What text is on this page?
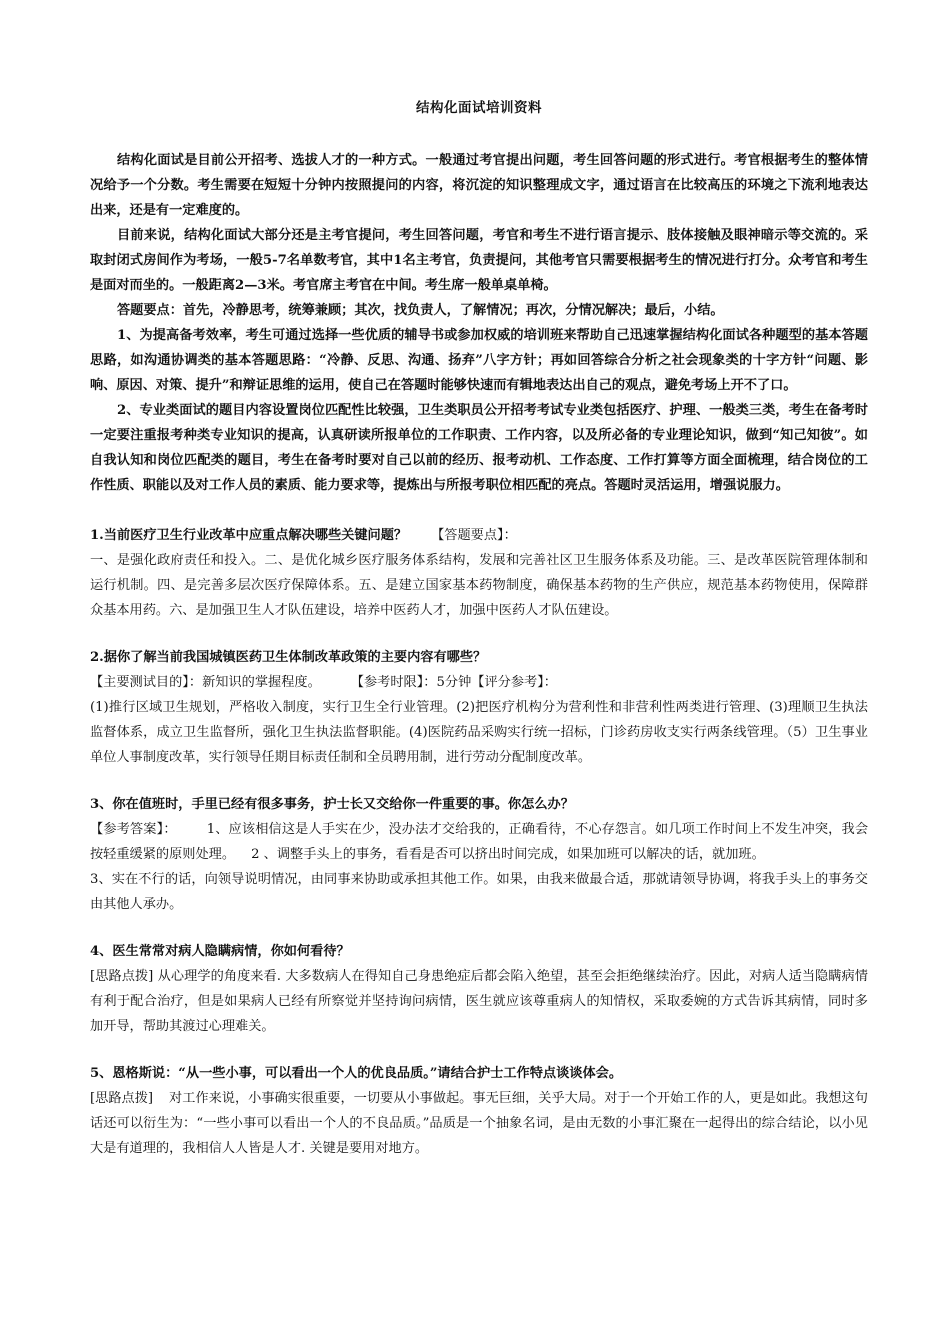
结构化面试培训资料

结构化面试是目前公开招考、选拔人才的一种方式。一般通过考官提出问题，考生回答问题的形式进行。考官根据考生的整体情况给予一个分数。考生需要在短短十分钟内按照提问的内容，将沉淀的知识整理成文字，通过语言在比较高压的环境之下流利地表达出来，还是有一定难度的。

目前来说，结构化面试大部分还是主考官提问，考生回答问题，考官和考生不进行语言提示、肢体接触及眼神暗示等交流的。采取封闭式房间作为考场，一般5-7名单数考官，其中1名主考官，负责提问，其他考官只需要根据考生的情况进行打分。众考官和考生是面对而坐的。一般距离2—3米。考官席主考官在中间。考生席一般单桌单椅。

答题要点：首先，冷静思考，统筹兼顾；其次，找负责人，了解情况；再次，分情况解决；最后，小结。

1、为提高备考效率，考生可通过选择一些优质的辅导书或参加权威的培训班来帮助自己迅速掌握结构化面试各种题型的基本答题思路，如沟通协调类的基本答题思路：“冷静、反思、沟通、扬弃”八字方针；再如回答综合分析之社会现象类的十字方针“问题、影响、原因、对策、提升”和辩证思维的运用，使自己在答题时能够快速而有辑地表达出自己的观点，避免考场上开不了口。

2、专业类面试的题目内容设置岗位匹配性比较强，卫生类职员公开招考考试专业类包括医疗、护理、一般类三类，考生在备考时一定要注重报考种类专业知识的提高，认真研读所报单位的工作职责、工作内容，以及所必备的专业理论知识，做到“知己知彼”。如自我认知和岗位匹配类的题目，考生在备考时要对自己以前的经历、报考动机、工作态度、工作打算等方面全面梳理，结合岗位的工作性质、职能以及对工作人员的素质、能力要求等，提炼出与所报考职位相匹配的亮点。答题时灵活运用，增强说服力。

1.当前医疗卫生行业改革中应重点解决哪些关键问题？ 【答题要点】：

一、是强化政府责任和投入。二、是优化城乡医疗服务体系结构，发展和完善社区卫生服务体系及功能。三、是改革医院管理体制和运行机制。四、是完善多层次医疗保障体系。五、是建立国家基本药物制度，确保基本药物的生产供应，规范基本药物使用，保障群众基本用药。六、是加强卫生人才队伍建设，培养中医药人才，加强中医药人才队伍建设。

2.据你了解当前我国城镇医药卫生体制改革政策的主要内容有哪些？

【主要测试目的】：新知识的掌握程度。 【参考时限】：5分钟【评分参考】：

(1)推行区域卫生规划，严格收入制度，实行卫生全行业管理。(2)把医疗机构分为营利性和非营利性两类进行管理、(3)理顺卫生执法监督体系，成立卫生监督所，强化卫生执法监督职能。(4)医院药品采购实行统一招标，门诊药房收支实行两条线管理。（5）卫生事业单位人事制度改革，实行领导任期目标责任制和全员聘用制，进行劳动分配制度改革。

3、你在值班时，手里已经有很多事务，护士长又交给你一件重要的事。你怎么办？

【参考答案】： 1、应该相信这是人手实在少，没办法才交给我的，正确看待，不心存怨言。如几项工作时间上不发生冲突，我会按轻重缓紧的原则处理。 2 、调整手头上的事务，看看是否可以挤出时间完成，如果加班可以解决的话，就加班。

3、实在不行的话，向领导说明情况，由同事来协助或承担其他工作。如果，由我来做最合适，那就请领导协调，将我手头上的事务交由其他人承办。

4、医生常常对病人隐瞒病情，你如何看待？

[思路点拨] 从心理学的角度来看. 大多数病人在得知自己身患绝症后都会陷入绝望，甚至会拒绝继续治疗。因此，对病人适当隐瞒病情有利于配合治疗，但是如果病人已经有所察觉并坚持询问病情，医生就应该尊重病人的知情权，采取委婉的方式告诉其病情，同时多加开导，帮助其渡过心理难关。

5、恩格斯说：“从一些小事，可以看出一个人的优良品质。”请结合护士工作特点谈谈体会。

[思路点拨] 对工作来说，小事确实很重要，一切要从小事做起。事无巨细，关乎大局。对于一个开始工作的人，更是如此。我想这句话还可以衍生为：“一些小事可以看出一个人的不良品质。”品质是一个抽象名词，是由无数的小事汇聚在一起得出的综合结论，以小见大是有道理的，我相信人人皆是人才. 关键是要用对地方。
